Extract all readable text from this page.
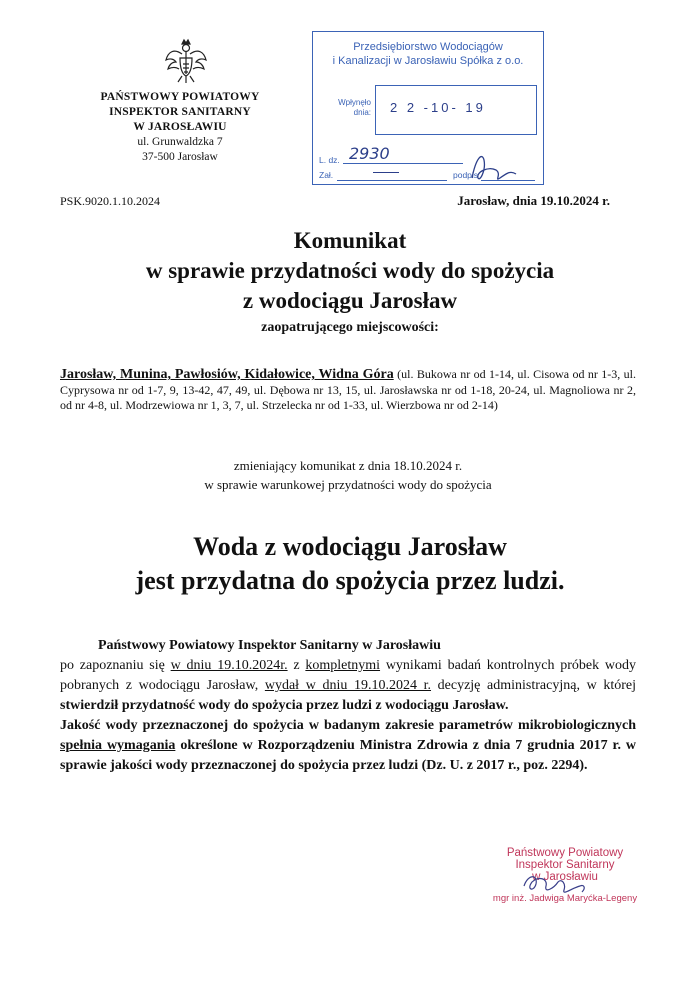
PAŃSTWOWY POWIATOWY
INSPEKTOR SANITARNY
W JAROSŁAWIU
ul. Grunwaldzka 7
37-500 Jarosław
Przedsiębiorstwo Wodociągów
i Kanalizacji w Jarosławiu Spółka z o.o.
Wpłynęło
dnia: 2 2 -10- 19
L. dz. 2930
Zał.	podpis
PSK.9020.1.10.2024	Jarosław, dnia 19.10.2024 r.
Komunikat
w sprawie przydatności wody do spożycia
z wodociągu Jarosław
zaopatrującego miejscowości:
Jarosław, Munina, Pawłosiów, Kidałowice, Widna Góra (ul. Bukowa nr od 1-14, ul. Cisowa od nr 1-3, ul. Cyprysowa nr od 1-7, 9, 13-42, 47, 49, ul. Dębowa nr 13, 15, ul. Jarosławska nr od 1-18, 20-24, ul. Magnoliowa nr 2, od nr 4-8, ul. Modrzewiowa nr 1, 3, 7, ul. Strzelecka nr od 1-33, ul. Wierzbowa nr od 2-14)
zmieniający komunikat z dnia 18.10.2024 r.
w sprawie warunkowej przydatności wody do spożycia
Woda z wodociągu Jarosław
jest przydatna do spożycia przez ludzi.
Państwowy Powiatowy Inspektor Sanitarny w Jarosławiu

po zapoznaniu się w dniu 19.10.2024r. z kompletnymi wynikami badań kontrolnych próbek wody pobranych z wodociągu Jarosław, wydał w dniu 19.10.2024 r. decyzję administracyjną, w której stwierdził przydatność wody do spożycia przez ludzi z wodociągu Jarosław.

Jakość wody przeznaczonej do spożycia w badanym zakresie parametrów mikrobiologicznych spełnia wymagania określone w Rozporządzeniu Ministra Zdrowia z dnia 7 grudnia 2017 r. w sprawie jakości wody przeznaczonej do spożycia przez ludzi (Dz. U. z 2017 r., poz. 2294).

Państwowy Powiatowy
Inspektor Sanitarny
w Jarosławiu
mgr inż. Jadwiga Maryćka-Legeny
